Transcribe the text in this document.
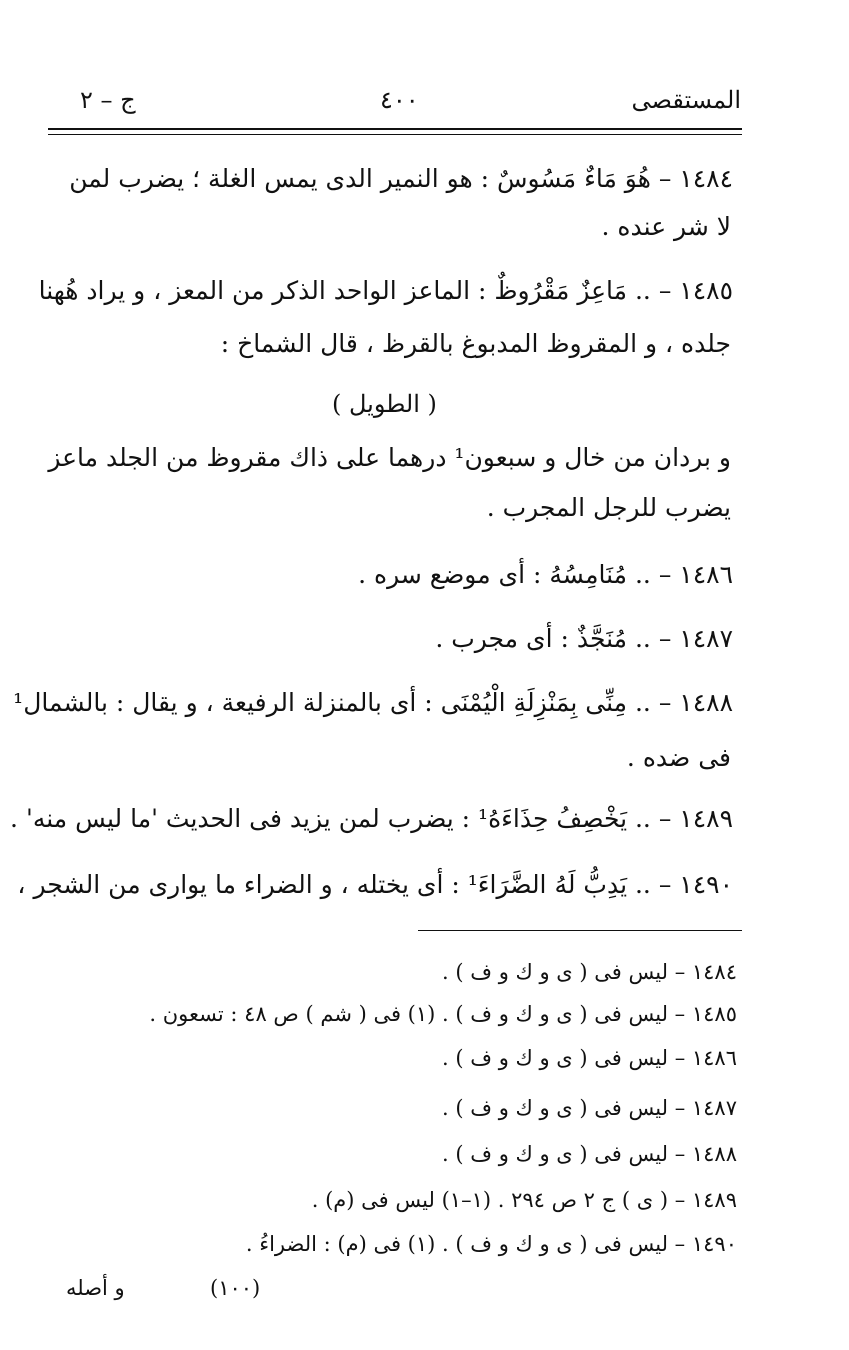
المستقصى
٤٠٠
ج – ٢
١٤٨٤ – هُوَ مَاءٌ مَسُوسٌ : هو النمير الدى يمس الغلة ؛ يضرب لمن
لا شر عنده .
١٤٨٥ – .. مَاعِزٌ مَقْرُوظٌ : الماعز الواحد الذكر من المعز ، و يراد هُهنا
جلده ، و المقروظ المدبوغ بالقرظ ، قال الشماخ :
( الطويل )
و بردان من خال و سبعون¹ درهما على ذاك مقروظ من الجلد ماعز
يضرب للرجل المجرب .
١٤٨٦ – .. مُنَامِسُهُ : أى موضع سره .
١٤٨٧ – .. مُنَجَّذٌ : أى مجرب .
١٤٨٨ – .. مِنِّى بِمَنْزِلَةِ الْيُمْنَى : أى بالمنزلة الرفيعة ، و يقال : بالشمال¹
فى ضده .
١٤٨٩ – .. يَخْصِفُ حِذَاءَهُ¹ : يضرب لمن يزيد فى الحديث 'ما ليس منه' .
١٤٩٠ – .. يَدِبُّ لَهُ الضَّرَاءَ¹ : أى يختله ، و الضراء ما يوارى من الشجر ،
١٤٨٤ – ليس فى ( ى و ك و ف ) .
١٤٨٥ – ليس فى ( ى و ك و ف ) . (١) فى ( شم ) ص ٤٨ : تسعون .
١٤٨٦ – ليس فى ( ى و ك و ف ) .
١٤٨٧ – ليس فى ( ى و ك و ف ) .
١٤٨٨ – ليس فى ( ى و ك و ف ) .
١٤٨٩ – ( ى ) ج ٢ ص ٢٩٤ . (١–١) ليس فى (م) .
١٤٩٠ – ليس فى ( ى و ك و ف ) . (١) فى (م) : الضراءُ .
(١٠٠)
و أصله
